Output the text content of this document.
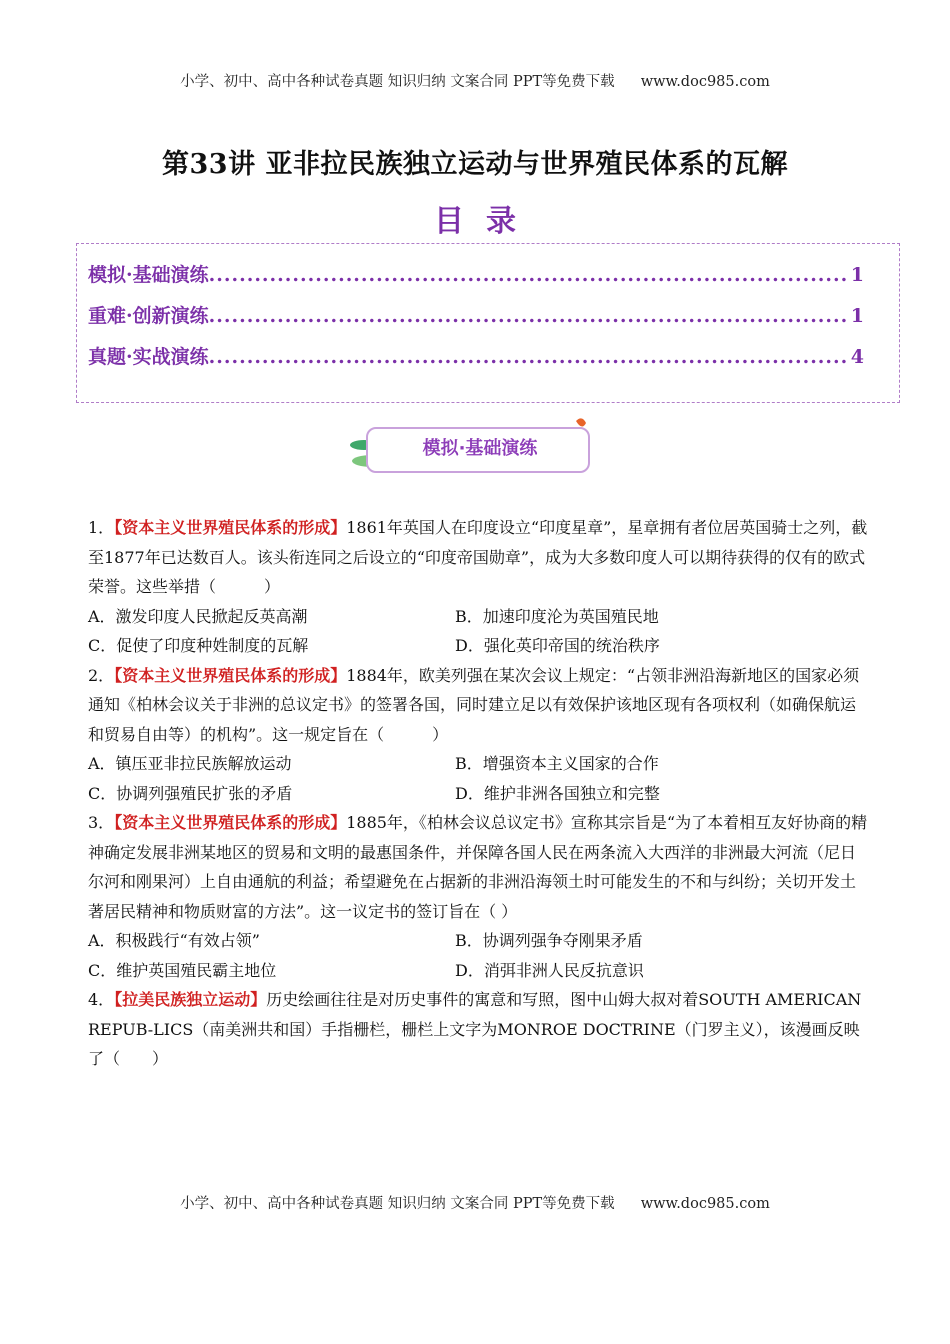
小学、初中、高中各种试卷真题 知识归纳 文案合同 PPT等免费下载 www.doc985.com
第33讲 亚非拉民族独立运动与世界殖民体系的瓦解
目录
模拟·基础演练 .....	1
重难·创新演练 .....	1
真题·实战演练 .....	4
模拟·基础演练

1．【资本主义世界殖民体系的形成】1861年英国人在印度设立“印度星章”，星章拥有者位居英国骑士之列，截至1877年已达数百人。该头衔连同之后设立的“印度帝国勋章”，成为大多数印度人可以期待获得的仅有的欧式荣誉。这些举措（　　　）

A．激发印度人民掀起反英高潮	B．加速印度沦为英国殖民地
C．促使了印度种姓制度的瓦解	D．强化英印帝国的统治秩序

2．【资本主义世界殖民体系的形成】1884年，欧美列强在某次会议上规定：“占领非洲沿海新地区的国家必须通知《柏林会议关于非洲的总议定书》的签署各国，同时建立足以有效保护该地区现有各项权利（如确保航运和贸易自由等）的机构”。这一规定旨在（　　　）

A．镇压亚非拉民族解放运动	B．增强资本主义国家的合作
C．协调列强殖民扩张的矛盾	D．维护非洲各国独立和完整

3．【资本主义世界殖民体系的形成】1885年，《柏林会议总议定书》宣称其宗旨是“为了本着相互友好协商的精神确定发展非洲某地区的贸易和文明的最惠国条件，并保障各国人民在两条流入大西洋的非洲最大河流（尼日尔河和刚果河）上自由通航的利益；希望避免在占据新的非洲沿海领土时可能发生的不和与纠纷；关切开发土著居民精神和物质财富的方法”。这一议定书的签订旨在（ ）

A．积极践行“有效占领”	B．协调列强争夺刚果矛盾
C．维护英国殖民霸主地位	D．消弭非洲人民反抗意识

4．【拉美民族独立运动】历史绘画往往是对历史事件的寓意和写照，图中山姆大叔对着SOUTH AMERICAN REPUB-LICS（南美洲共和国）手指栅栏，栅栏上文字为MONROE DOCTRINE（门罗主义），该漫画反映了（　　）

小学、初中、高中各种试卷真题 知识归纳 文案合同 PPT等免费下载 www.doc985.com
